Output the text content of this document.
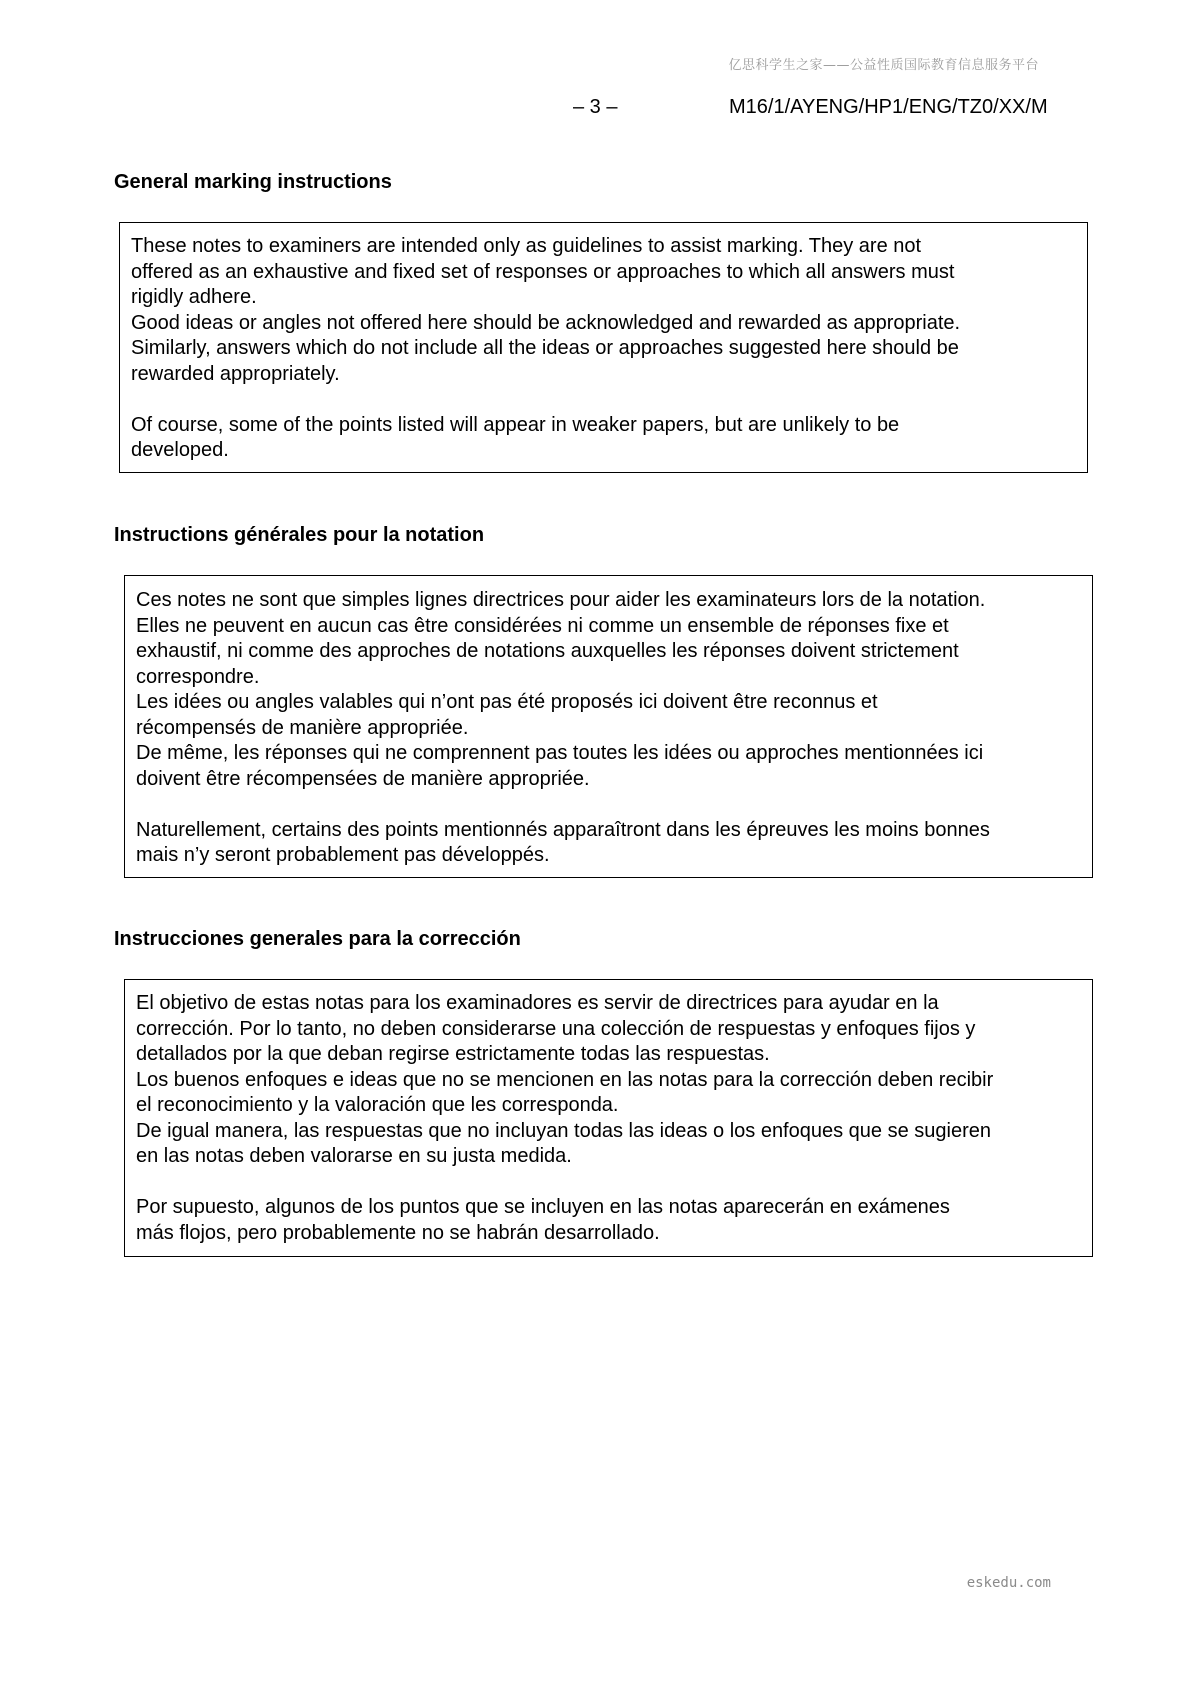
亿思科学生之家——公益性质国际教育信息服务平台
– 3 –	M16/1/AYENG/HP1/ENG/TZ0/XX/M
General marking instructions

These notes to examiners are intended only as guidelines to assist marking. They are not

offered as an exhaustive and fixed set of responses or approaches to which all answers must

rigidly adhere.

Good ideas or angles not offered here should be acknowledged and rewarded as appropriate.

Similarly, answers which do not include all the ideas or approaches suggested here should be

rewarded appropriately.

Of course, some of the points listed will appear in weaker papers, but are unlikely to be

developed.

Instructions générales pour la notation

Ces notes ne sont que simples lignes directrices pour aider les examinateurs lors de la notation.

Elles ne peuvent en aucun cas être considérées ni comme un ensemble de réponses fixe et

exhaustif, ni comme des approches de notations auxquelles les réponses doivent strictement

correspondre.

Les idées ou angles valables qui n’ont pas été proposés ici doivent être reconnus et

récompensés de manière appropriée.

De même, les réponses qui ne comprennent pas toutes les idées ou approches mentionnées ici

doivent être récompensées de manière appropriée.

Naturellement, certains des points mentionnés apparaîtront dans les épreuves les moins bonnes

mais n’y seront probablement pas développés.

Instrucciones generales para la corrección

El objetivo de estas notas para los examinadores es servir de directrices para ayudar en la

corrección. Por lo tanto, no deben considerarse una colección de respuestas y enfoques fijos y

detallados por la que deban regirse estrictamente todas las respuestas.

Los buenos enfoques e ideas que no se mencionen en las notas para la corrección deben recibir

el reconocimiento y la valoración que les corresponda.

De igual manera, las respuestas que no incluyan todas las ideas o los enfoques que se sugieren

en las notas deben valorarse en su justa medida.

Por supuesto, algunos de los puntos que se incluyen en las notas aparecerán en exámenes

más flojos, pero probablemente no se habrán desarrollado.

eskedu.com
